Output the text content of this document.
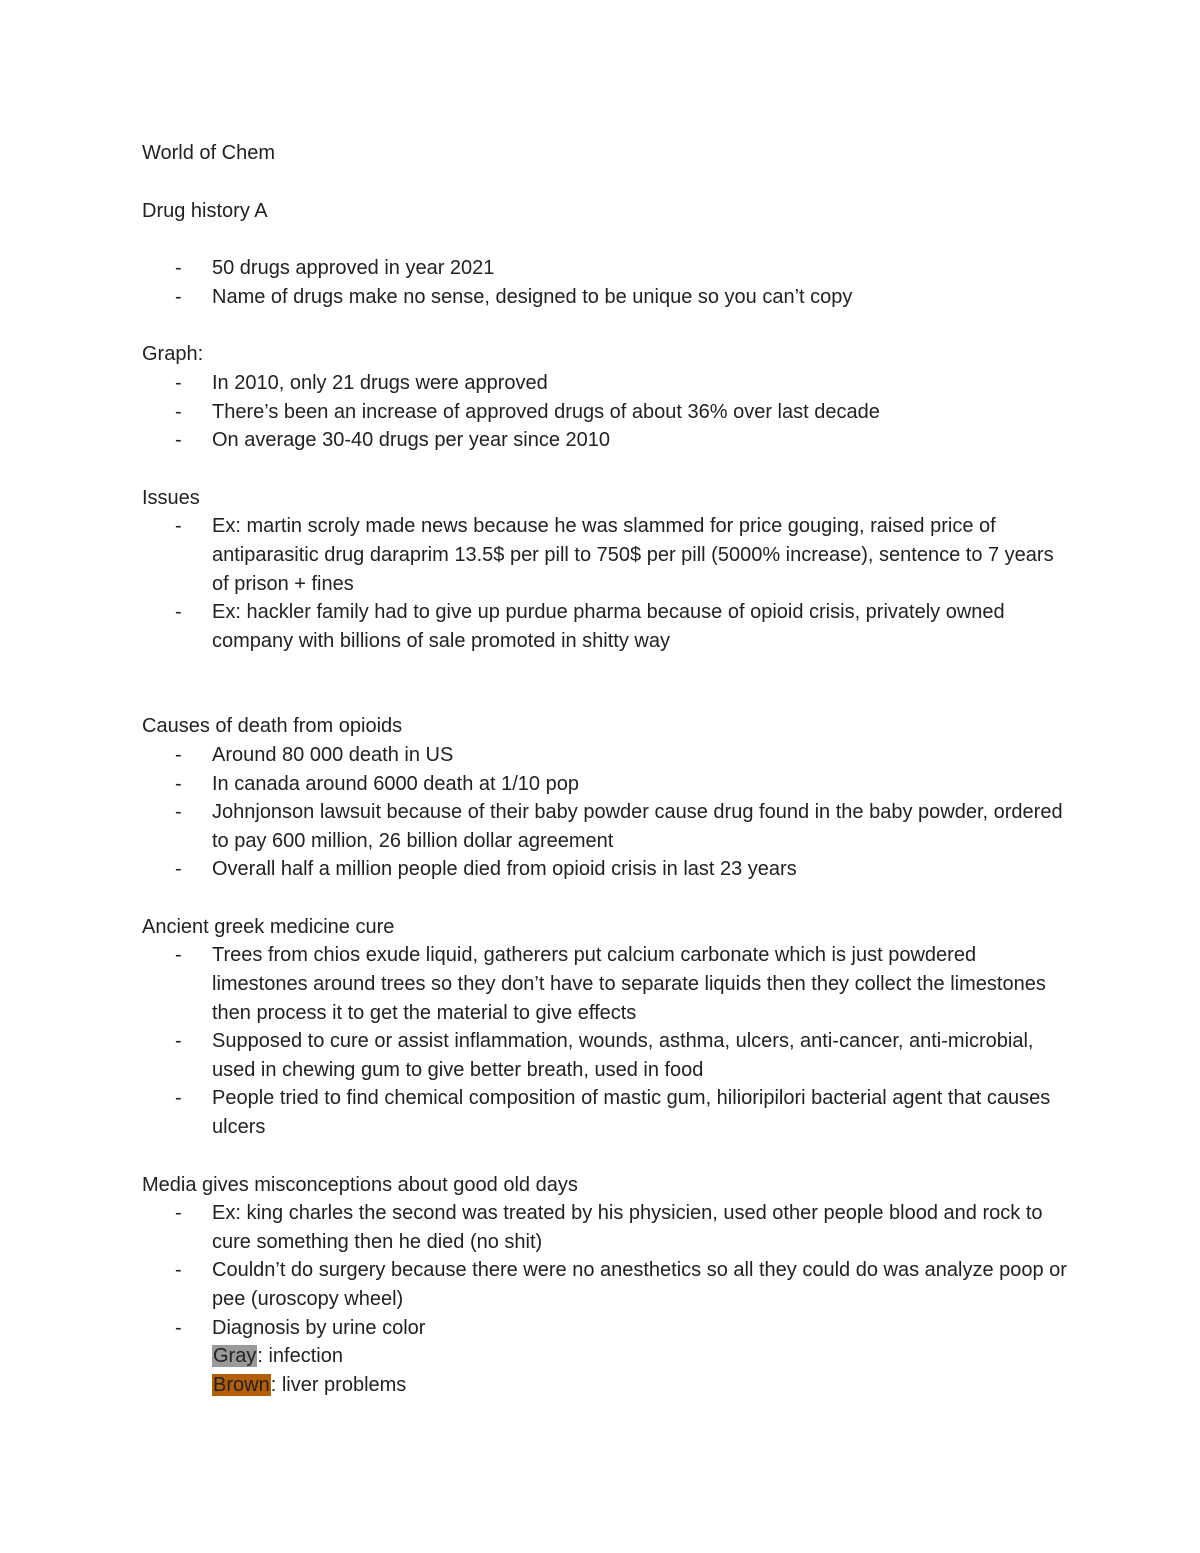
World of Chem
Drug history A
- 50 drugs approved in year 2021
- Name of drugs make no sense, designed to be unique so you can’t copy
Graph:
- In 2010, only 21 drugs were approved
- There’s been an increase of approved drugs of about 36% over last decade
- On average 30-40 drugs per year since 2010
Issues
- Ex: martin scroly made news because he was slammed for price gouging, raised price of antiparasitic drug daraprim 13.5$ per pill to 750$ per pill (5000% increase), sentence to 7 years of prison + fines
- Ex: hackler family had to give up purdue pharma because of opioid crisis, privately owned company with billions of sale promoted in shitty way
Causes of death from opioids
- Around 80 000 death in US
- In canada around 6000 death at 1/10 pop
- Johnjonson lawsuit because of their baby powder cause drug found in the baby powder, ordered to pay 600 million, 26 billion dollar agreement
- Overall half a million people died from opioid crisis in last 23 years
Ancient greek medicine cure
- Trees from chios exude liquid, gatherers put calcium carbonate which is just powdered limestones around trees so they don’t have to separate liquids then they collect the limestones then process it to get the material to give effects
- Supposed to cure or assist inflammation, wounds, asthma, ulcers, anti-cancer, anti-microbial, used in chewing gum to give better breath, used in food
- People tried to find chemical composition of mastic gum, hilioripilori bacterial agent that causes ulcers
Media gives misconceptions about good old days
- Ex: king charles the second was treated by his physicien, used other people blood and rock to cure something then he died (no shit)
- Couldn’t do surgery because there were no anesthetics so all they could do was analyze poop or pee (uroscopy wheel)
- Diagnosis by urine color
Gray: infection
Brown: liver problems
